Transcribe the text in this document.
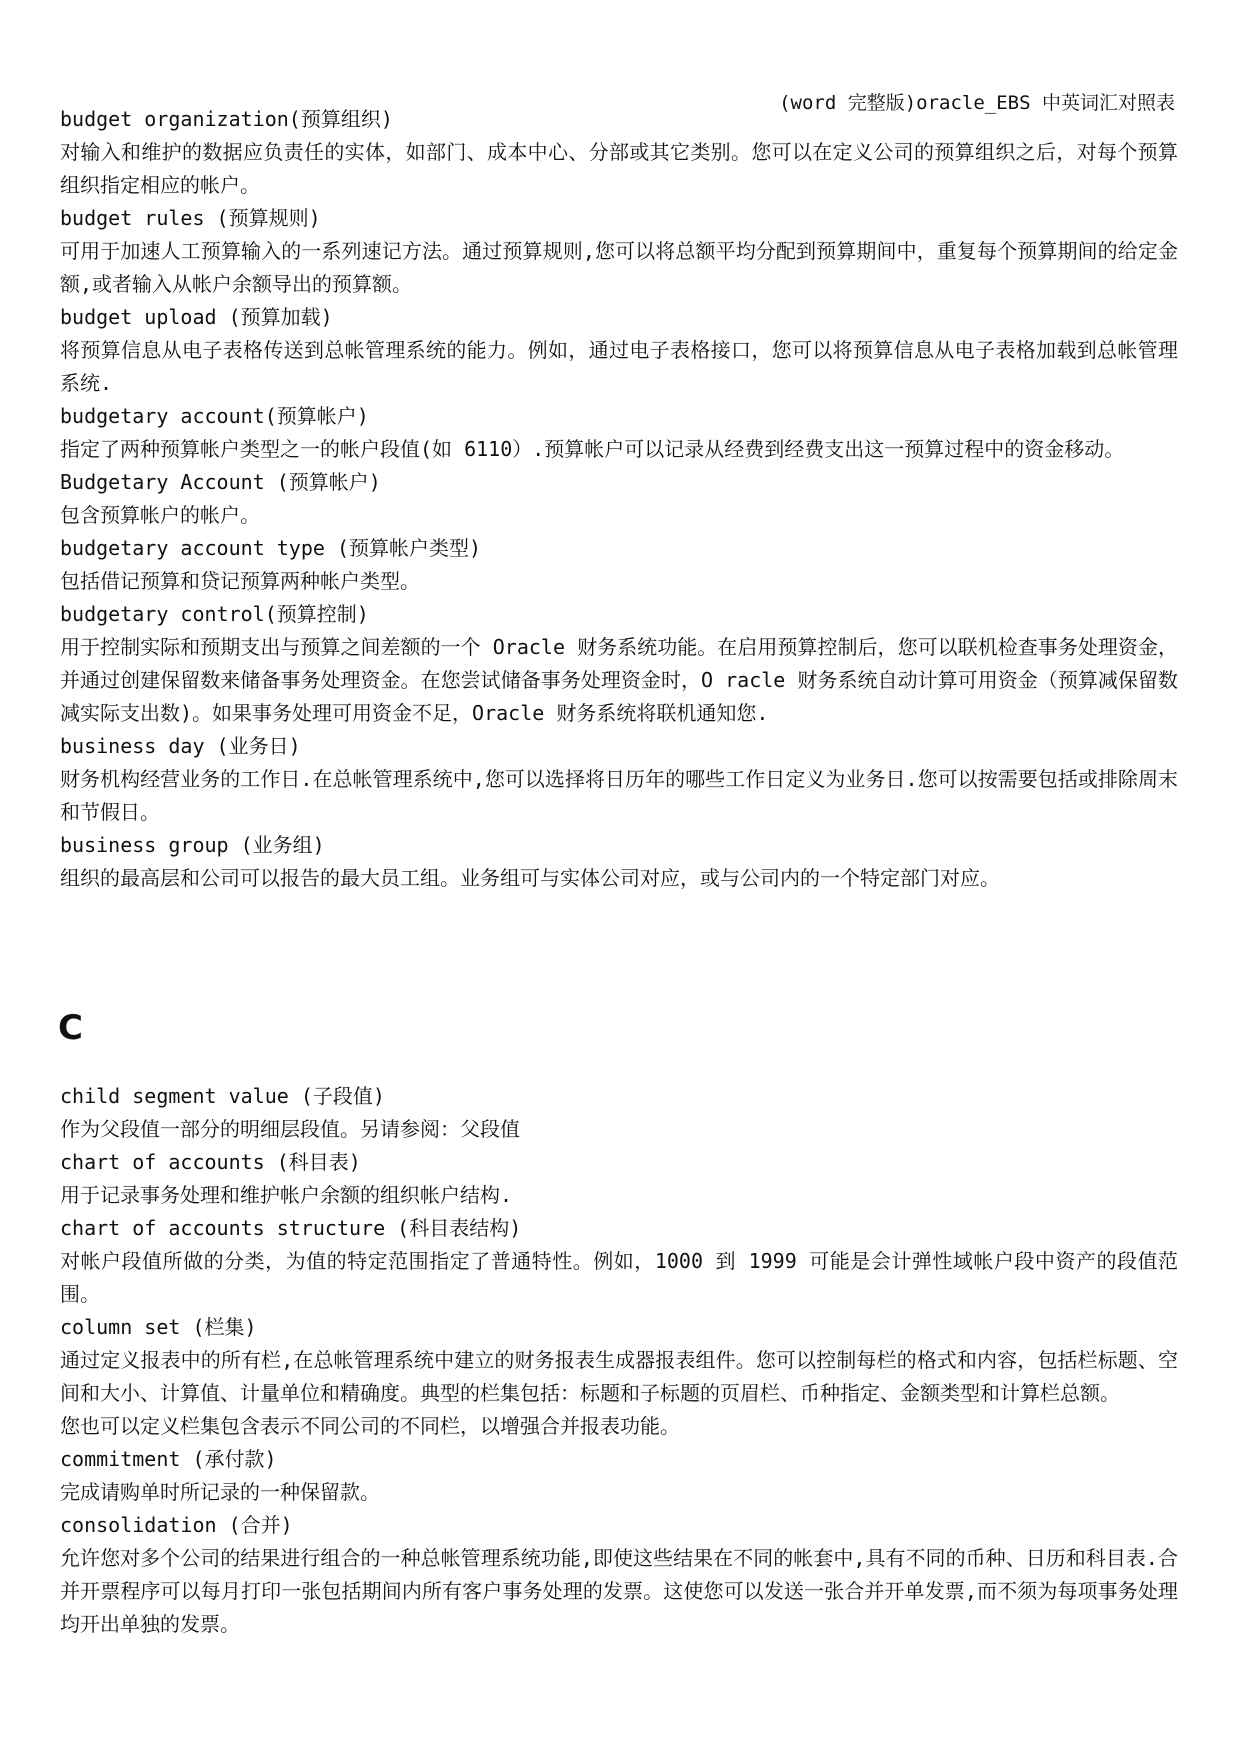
(word 完整版)oracle_EBS 中英词汇对照表
budget organization(预算组织)
对输入和维护的数据应负责任的实体，如部门、成本中心、分部或其它类别。您可以在定义公司的预算组织之后，对每个预算组织指定相应的帐户。
budget rules (预算规则)
可用于加速人工预算输入的一系列速记方法。通过预算规则,您可以将总额平均分配到预算期间中，重复每个预算期间的给定金额,或者输入从帐户余额导出的预算额。
budget upload (预算加载)
将预算信息从电子表格传送到总帐管理系统的能力。例如，通过电子表格接口，您可以将预算信息从电子表格加载到总帐管理系统.
budgetary account(预算帐户)
指定了两种预算帐户类型之一的帐户段值(如 6110）.预算帐户可以记录从经费到经费支出这一预算过程中的资金移动。
Budgetary Account (预算帐户)
包含预算帐户的帐户。
budgetary account type (预算帐户类型)
包括借记预算和贷记预算两种帐户类型。
budgetary control(预算控制)
用于控制实际和预期支出与预算之间差额的一个 Oracle 财务系统功能。在启用预算控制后，您可以联机检查事务处理资金，并通过创建保留数来储备事务处理资金。在您尝试储备事务处理资金时，O racle 财务系统自动计算可用资金（预算减保留数减实际支出数)。如果事务处理可用资金不足，Oracle 财务系统将联机通知您.
business day (业务日)
财务机构经营业务的工作日.在总帐管理系统中,您可以选择将日历年的哪些工作日定义为业务日.您可以按需要包括或排除周末和节假日。
business group (业务组)
组织的最高层和公司可以报告的最大员工组。业务组可与实体公司对应，或与公司内的一个特定部门对应。
C
child segment value (子段值)
作为父段值一部分的明细层段值。另请参阅：父段值
chart of accounts (科目表)
用于记录事务处理和维护帐户余额的组织帐户结构.
chart of accounts structure (科目表结构)
对帐户段值所做的分类，为值的特定范围指定了普通特性。例如，1000 到 1999 可能是会计弹性域帐户段中资产的段值范围。
column set (栏集)
通过定义报表中的所有栏,在总帐管理系统中建立的财务报表生成器报表组件。您可以控制每栏的格式和内容，包括栏标题、空间和大小、计算值、计量单位和精确度。典型的栏集包括：标题和子标题的页眉栏、币种指定、金额类型和计算栏总额。
您也可以定义栏集包含表示不同公司的不同栏，以增强合并报表功能。
commitment (承付款)
完成请购单时所记录的一种保留款。
consolidation (合并)
允许您对多个公司的结果进行组合的一种总帐管理系统功能,即使这些结果在不同的帐套中,具有不同的币种、日历和科目表.合并开票程序可以每月打印一张包括期间内所有客户事务处理的发票。这使您可以发送一张合并开单发票,而不须为每项事务处理均开出单独的发票。
